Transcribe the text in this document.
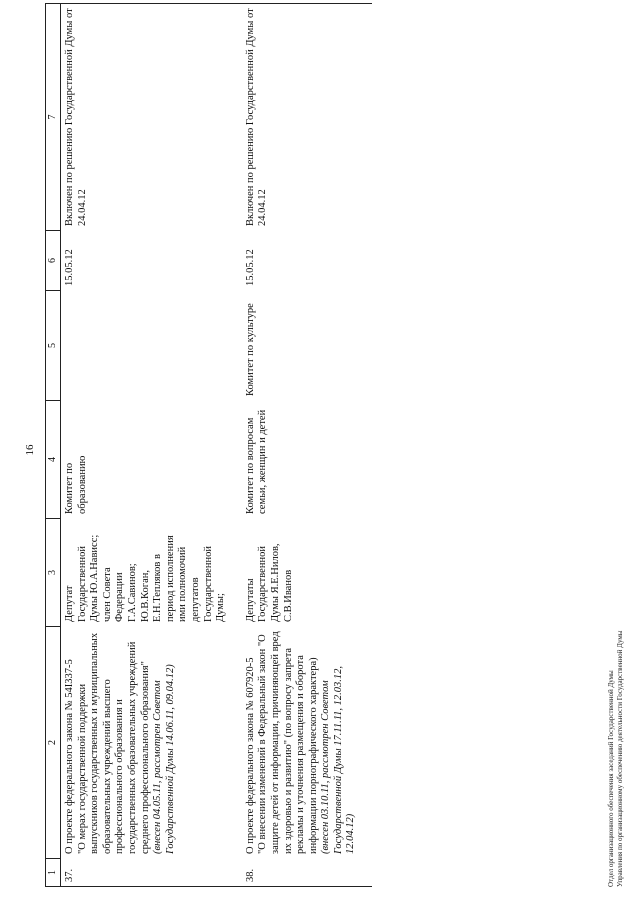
16
1	2	3	4	5	6	7
37.	О проекте федерального закона № 54I337-5 "О мерах государственной поддержки выпускников государственных и муниципальных образовательных учреждений высшего профессионального образования и государственных образовательных учреждений среднего профессионального образования" (внесен 04.05.11, рассмотрен Советом Государственной Думы 14.06.11, 09.04.12)	Депутат Государственной Думы Ю.А.Нависс; член Совета Федерации Г.А.Савинов; Ю.В.Коган, Е.Н.Тепляков в период исполнения ими полномочий депутатов Государственной Думы;	Комитет по образованию		15.05.12	Включен по решению Государственной Думы от 24.04.12
38.	О проекте федерального закона № 607920-5 "О внесении изменений в Федеральный закон "О защите детей от информации, причиняющей вред их здоровью и развитию" (по вопросу запрета рекламы и уточнения размещения и оборота информации порнографического характера) (внесен 03.10.11, рассмотрен Советом Государственной Думы 17.11.11, 12.03.12, 12.04.12)	Депутаты Государственной Думы Я.Е.Нилов, С.В.Иванов	Комитет по вопросам семьи, женщин и детей	Комитет по культуре	15.05.12	Включен по решению Государственной Думы от 24.04.12
Отдел организационного обеспечения заседаний Государственной Думы Управления по организационному обеспечению деятельности Государственной Думы
